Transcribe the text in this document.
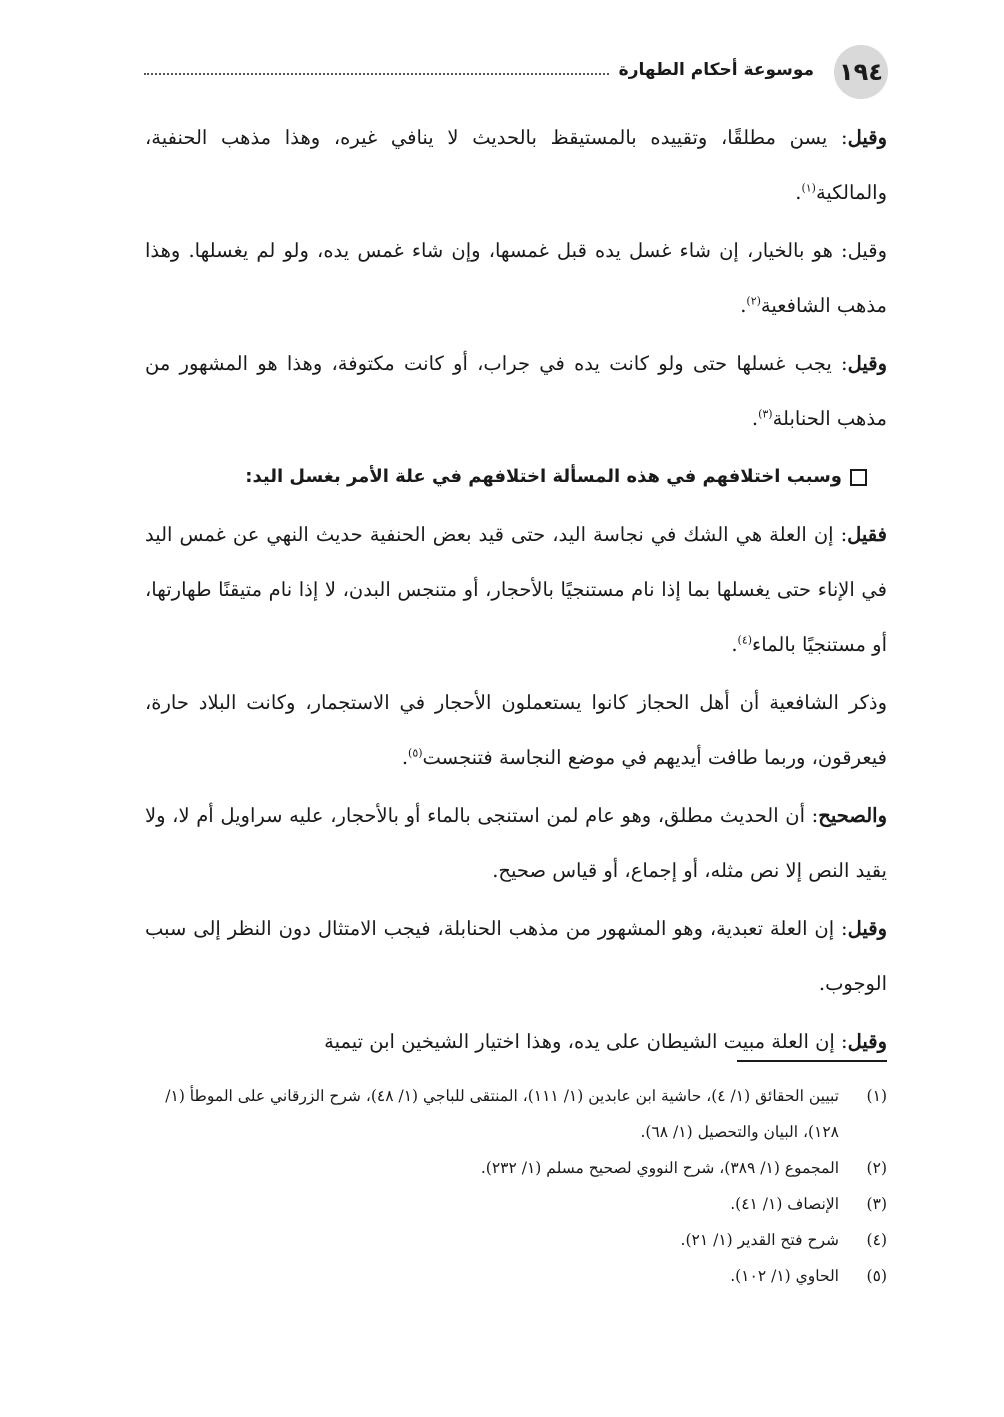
١٩٤
موسوعة أحكام الطهارة

وقيل: يسن مطلقًا، وتقييده بالمستيقظ بالحديث لا ينافي غيره، وهذا مذهب الحنفية، والمالكية$^{(١)}$.

وقيل: هو بالخيار، إن شاء غسل يده قبل غمسها، وإن شاء غمس يده، ولو لم يغسلها. وهذا مذهب الشافعية$^{(٢)}$.

وقيل: يجب غسلها حتى ولو كانت يده في جراب، أو كانت مكتوفة، وهذا هو المشهور من مذهب الحنابلة$^{(٣)}$.

وسبب اختلافهم في هذه المسألة اختلافهم في علة الأمر بغسل اليد:

فقيل: إن العلة هي الشك في نجاسة اليد، حتى قيد بعض الحنفية حديث النهي عن غمس اليد في الإناء حتى يغسلها بما إذا نام مستنجيًا بالأحجار، أو متنجس البدن، لا إذا نام متيقنًا طهارتها، أو مستنجيًا بالماء$^{(٤)}$.

وذكر الشافعية أن أهل الحجاز كانوا يستعملون الأحجار في الاستجمار، وكانت البلاد حارة، فيعرقون، وربما طافت أيديهم في موضع النجاسة فتنجست$^{(٥)}$.

والصحيح: أن الحديث مطلق، وهو عام لمن استنجى بالماء أو بالأحجار، عليه سراويل أم لا، ولا يقيد النص إلا نص مثله، أو إجماع، أو قياس صحيح.

وقيل: إن العلة تعبدية، وهو المشهور من مذهب الحنابلة، فيجب الامتثال دون النظر إلى سبب الوجوب.

وقيل: إن العلة مبيت الشيطان على يده، وهذا اختيار الشيخين ابن تيمية

(١)
تبيين الحقائق (١/ ٤)، حاشية ابن عابدين (١/ ١١١)، المنتقى للباجي (١/ ٤٨)، شرح الزرقاني على الموطأ (١/ ١٢٨)، البيان والتحصيل (١/ ٦٨).
(٢)
المجموع (١/ ٣٨٩)، شرح النووي لصحيح مسلم (١/ ٢٣٢).
(٣)
الإنصاف (١/ ٤١).
(٤)
شرح فتح القدير (١/ ٢١).
(٥)
الحاوي (١/ ١٠٢).
